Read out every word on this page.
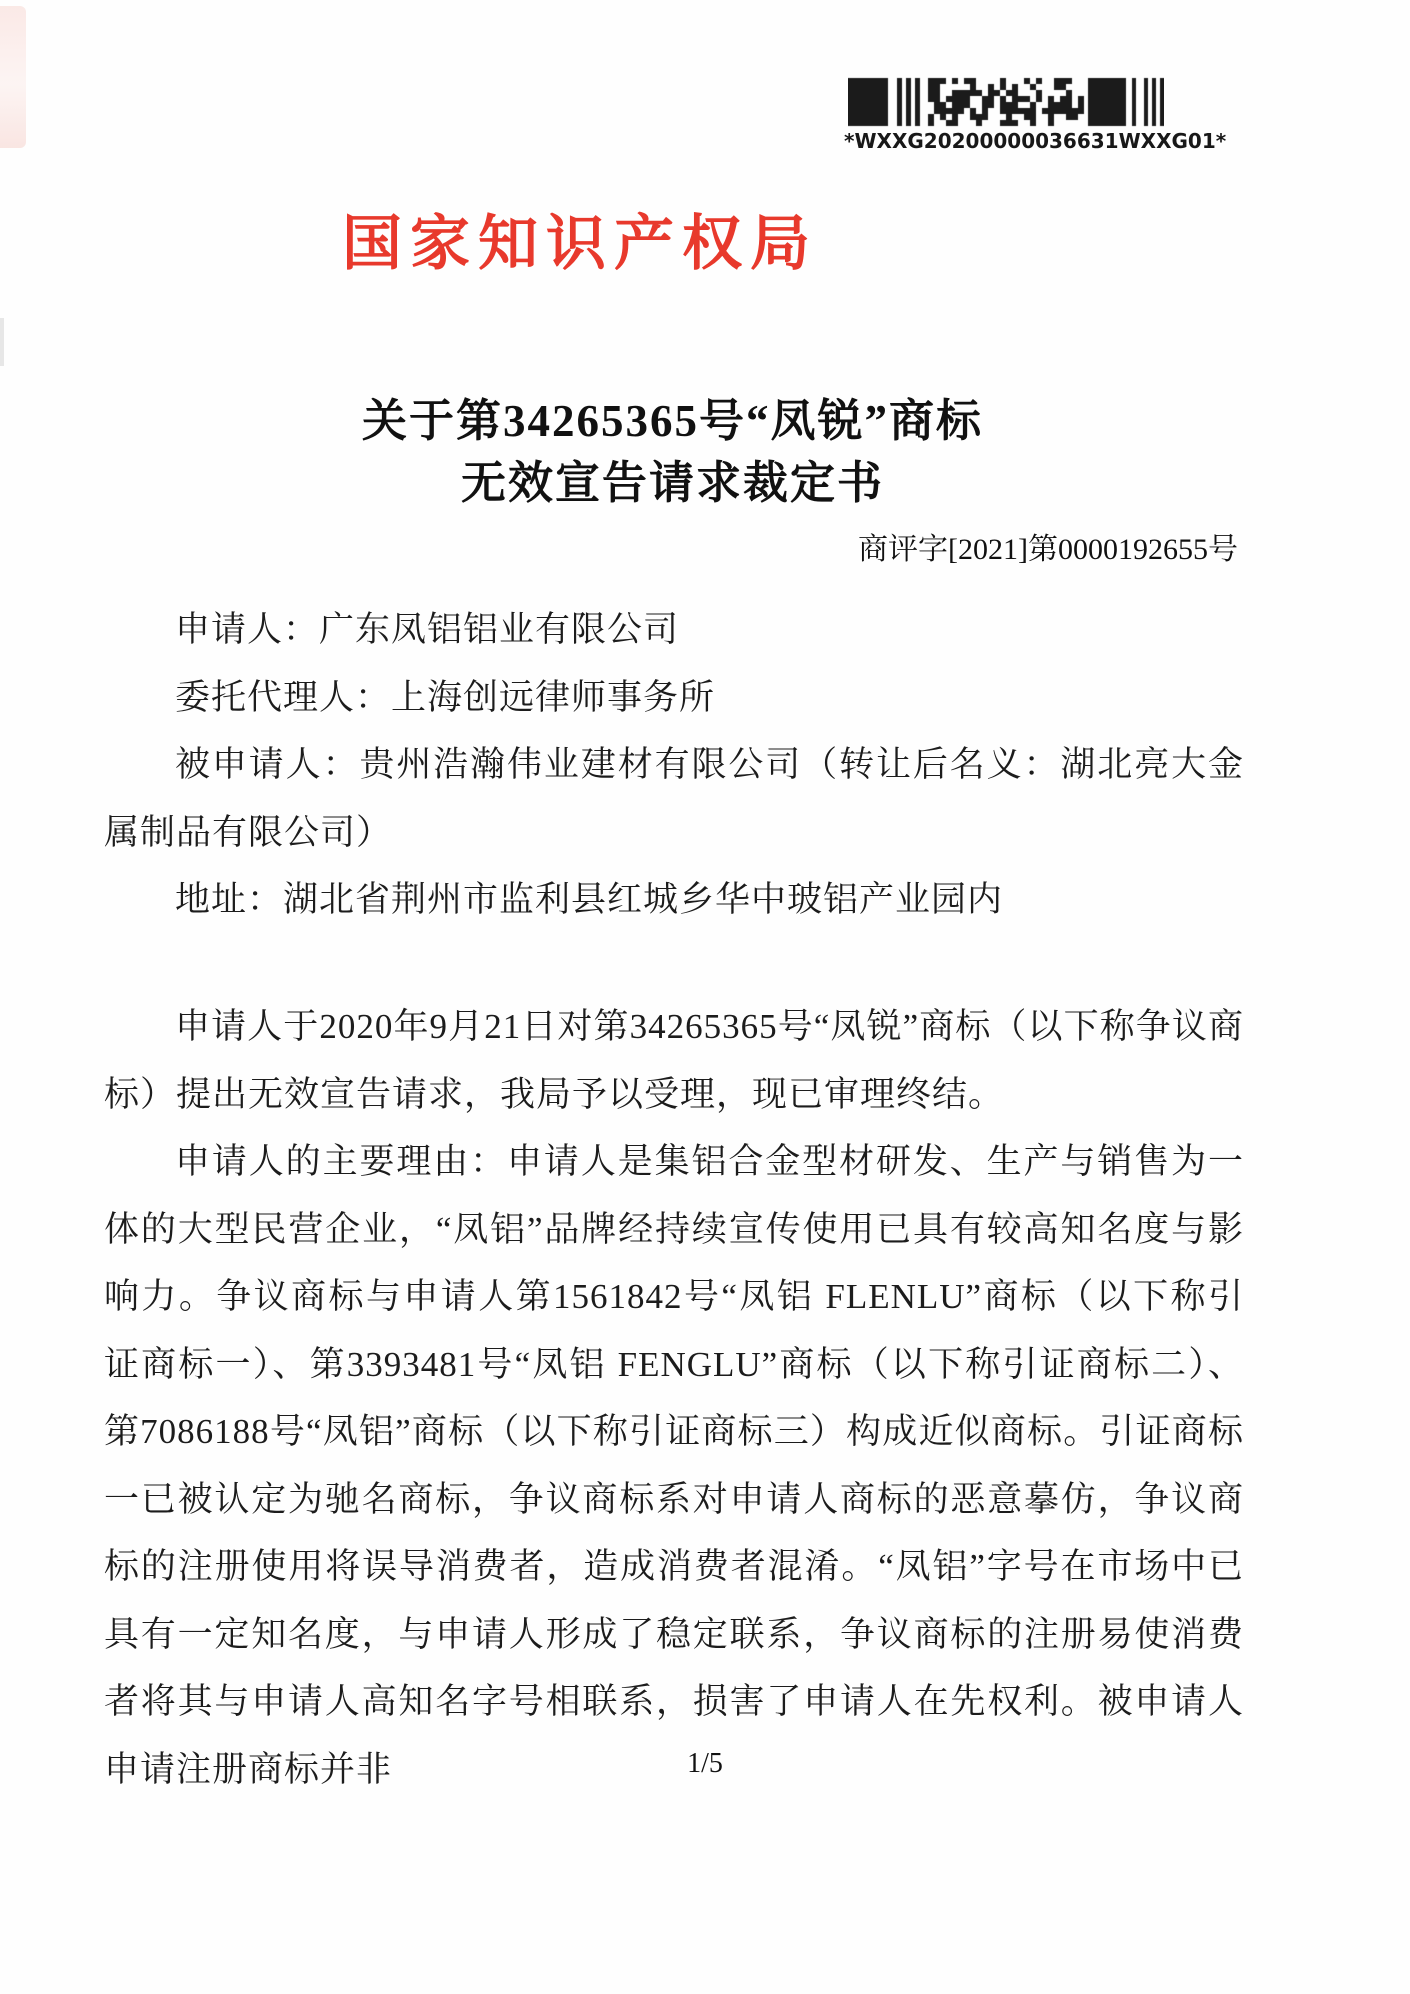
*WXXG20200000036631WXXG01*
国家知识产权局
关于第34265365号“凤锐”商标
无效宣告请求裁定书
商评字[2021]第0000192655号

申请人：广东凤铝铝业有限公司

委托代理人：上海创远律师事务所

被申请人：贵州浩瀚伟业建材有限公司（转让后名义：湖北亮大金属制品有限公司）

地址：湖北省荆州市监利县红城乡华中玻铝产业园内

申请人于2020年9月21日对第34265365号“凤锐”商标（以下称争议商标）提出无效宣告请求，我局予以受理，现已审理终结。

申请人的主要理由：申请人是集铝合金型材研发、生产与销售为一体的大型民营企业，“凤铝”品牌经持续宣传使用已具有较高知名度与影响力。争议商标与申请人第1561842号“凤铝 FLENLU”商标（以下称引证商标一）、第3393481号“凤铝 FENGLU”商标（以下称引证商标二）、第7086188号“凤铝”商标（以下称引证商标三）构成近似商标。引证商标一已被认定为驰名商标，争议商标系对申请人商标的恶意摹仿，争议商标的注册使用将误导消费者，造成消费者混淆。“凤铝”字号在市场中已具有一定知名度，与申请人形成了稳定联系，争议商标的注册易使消费者将其与申请人高知名字号相联系，损害了申请人在先权利。被申请人申请注册商标并非	1/5
